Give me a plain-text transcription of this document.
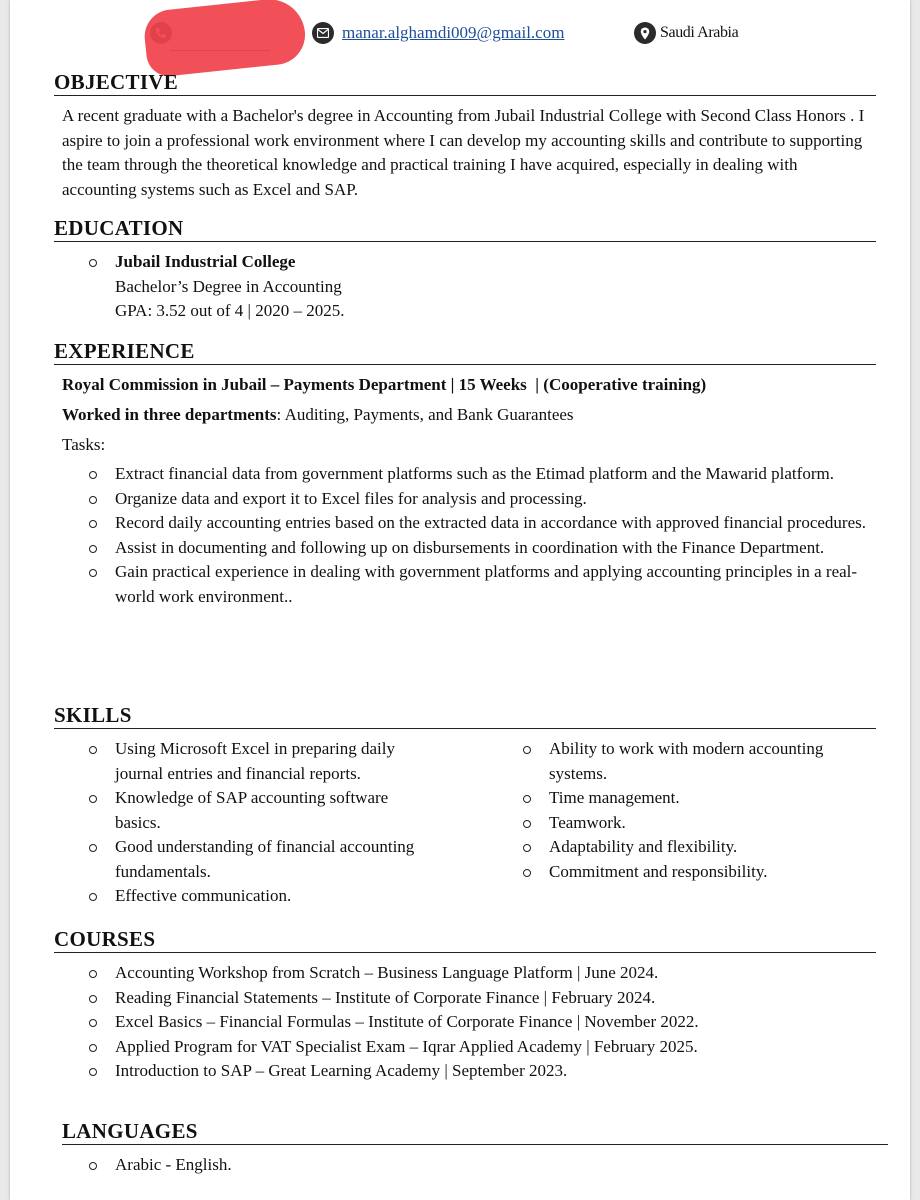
manar.alghamdi009@gmail.com	Saudi Arabia
OBJECTIVE
A recent graduate with a Bachelor's degree in Accounting from Jubail Industrial College with Second Class Honors . I aspire to join a professional work environment where I can develop my accounting skills and contribute to supporting the team through the theoretical knowledge and practical training I have acquired, especially in dealing with accounting systems such as Excel and SAP.
EDUCATION
Jubail Industrial College
Bachelor’s Degree in Accounting
GPA: 3.52 out of 4 | 2020 – 2025.
EXPERIENCE
Royal Commission in Jubail – Payments Department | 15 Weeks  | (Cooperative training)
Worked in three departments: Auditing, Payments, and Bank Guarantees
Tasks:
Extract financial data from government platforms such as the Etimad platform and the Mawarid platform.
Organize data and export it to Excel files for analysis and processing.
Record daily accounting entries based on the extracted data in accordance with approved financial procedures.
Assist in documenting and following up on disbursements in coordination with the Finance Department.
Gain practical experience in dealing with government platforms and applying accounting principles in a real-world work environment..
SKILLS
Using Microsoft Excel in preparing daily journal entries and financial reports.
Knowledge of SAP accounting software basics.
Good understanding of financial accounting fundamentals.
Effective communication.
Ability to work with modern accounting systems.
Time management.
Teamwork.
Adaptability and flexibility.
Commitment and responsibility.
COURSES
Accounting Workshop from Scratch – Business Language Platform | June 2024.
Reading Financial Statements – Institute of Corporate Finance | February 2024.
Excel Basics – Financial Formulas – Institute of Corporate Finance | November 2022.
Applied Program for VAT Specialist Exam – Iqrar Applied Academy | February 2025.
Introduction to SAP – Great Learning Academy | September 2023.
LANGUAGES
Arabic - English.
